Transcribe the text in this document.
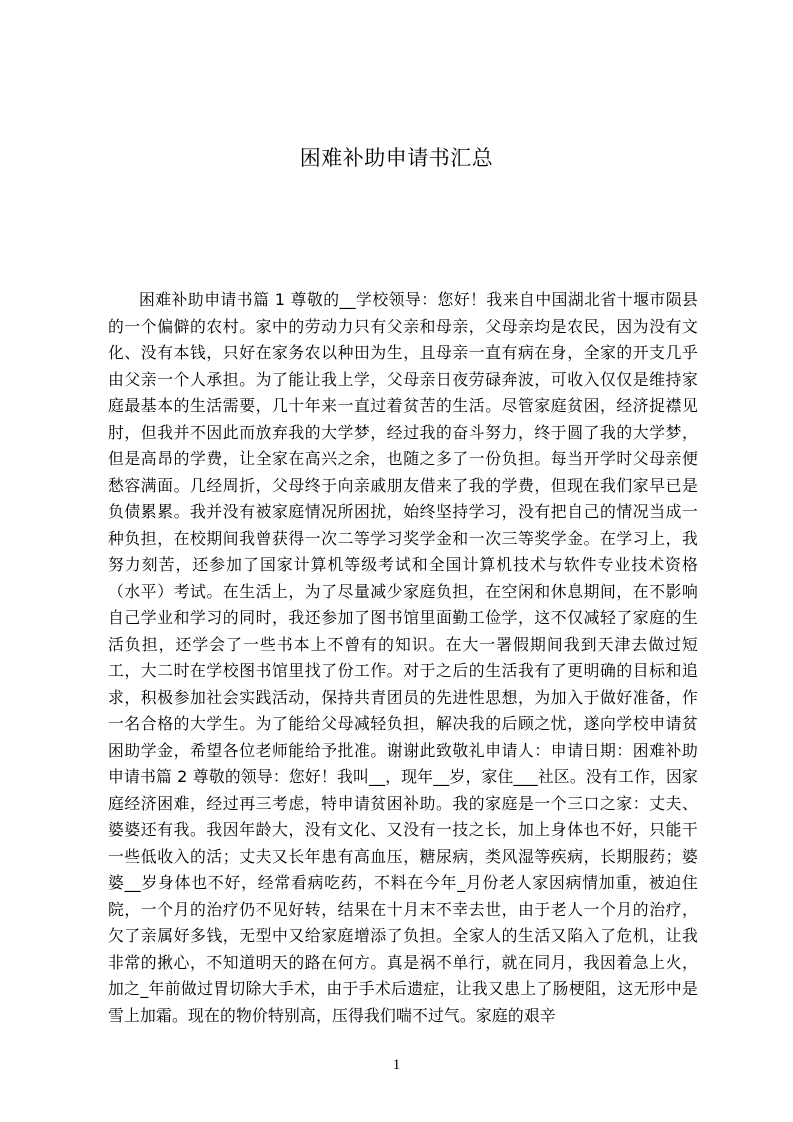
困难补助申请书汇总

困难补助申请书篇 1 尊敬的__学校领导：您好！我来自中国湖北省十堰市陨县的一个偏僻的农村。家中的劳动力只有父亲和母亲，父母亲均是农民，因为没有文化、没有本钱，只好在家务农以种田为生，且母亲一直有病在身，全家的开支几乎由父亲一个人承担。为了能让我上学，父母亲日夜劳碌奔波，可收入仅仅是维持家庭最基本的生活需要，几十年来一直过着贫苦的生活。尽管家庭贫困，经济捉襟见肘，但我并不因此而放弃我的大学梦，经过我的奋斗努力，终于圆了我的大学梦，但是高昂的学费，让全家在高兴之余，也随之多了一份负担。每当开学时父母亲便愁容满面。几经周折，父母终于向亲戚朋友借来了我的学费，但现在我们家早已是负债累累。我并没有被家庭情况所困扰，始终坚持学习，没有把自己的情况当成一种负担，在校期间我曾获得一次二等学习奖学金和一次三等奖学金。在学习上，我努力刻苦，还参加了国家计算机等级考试和全国计算机技术与软件专业技术资格（水平）考试。在生活上，为了尽量减少家庭负担，在空闲和休息期间，在不影响自己学业和学习的同时，我还参加了图书馆里面勤工俭学，这不仅减轻了家庭的生活负担，还学会了一些书本上不曾有的知识。在大一署假期间我到天津去做过短工，大二时在学校图书馆里找了份工作。对于之后的生活我有了更明确的目标和追求，积极参加社会实践活动，保持共青团员的先进性思想，为加入于做好准备，作一名合格的大学生。为了能给父母减轻负担，解决我的后顾之忧，遂向学校申请贫困助学金，希望各位老师能给予批准。谢谢此致敬礼申请人：申请日期：困难补助申请书篇 2 尊敬的领导：您好！我叫__，现年__岁，家住___社区。没有工作，因家庭经济困难，经过再三考虑，特申请贫困补助。我的家庭是一个三口之家：丈夫、婆婆还有我。我因年龄大，没有文化、又没有一技之长，加上身体也不好，只能干一些低收入的活；丈夫又长年患有高血压，糖尿病，类风湿等疾病，长期服药；婆婆__岁身体也不好，经常看病吃药，不料在今年_月份老人家因病情加重，被迫住院，一个月的治疗仍不见好转，结果在十月末不幸去世，由于老人一个月的治疗，欠了亲属好多钱，无型中又给家庭增添了负担。全家人的生活又陷入了危机，让我非常的揪心，不知道明天的路在何方。真是祸不单行，就在同月，我因着急上火，加之_年前做过胃切除大手术，由于手术后遗症，让我又患上了肠梗阻，这无形中是雪上加霜。现在的物价特别高，压得我们喘不过气。家庭的艰辛

1
